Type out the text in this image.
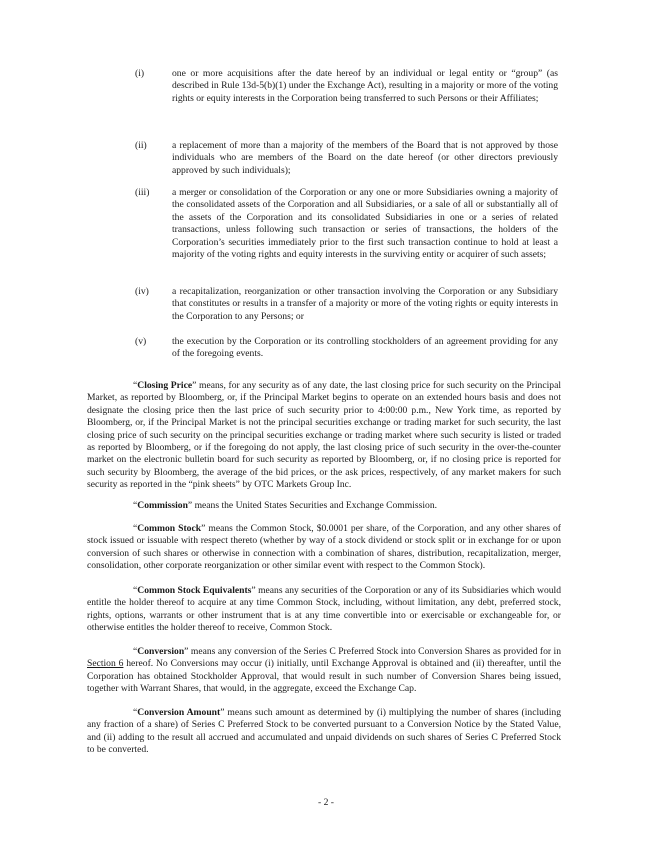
(i)	one or more acquisitions after the date hereof by an individual or legal entity or “group” (as described in Rule 13d-5(b)(1) under the Exchange Act), resulting in a majority or more of the voting rights or equity interests in the Corporation being transferred to such Persons or their Affiliates;
(ii)	a replacement of more than a majority of the members of the Board that is not approved by those individuals who are members of the Board on the date hereof (or other directors previously approved by such individuals);
(iii)	a merger or consolidation of the Corporation or any one or more Subsidiaries owning a majority of the consolidated assets of the Corporation and all Subsidiaries, or a sale of all or substantially all of the assets of the Corporation and its consolidated Subsidiaries in one or a series of related transactions, unless following such transaction or series of transactions, the holders of the Corporation’s securities immediately prior to the first such transaction continue to hold at least a majority of the voting rights and equity interests in the surviving entity or acquirer of such assets;
(iv)	a recapitalization, reorganization or other transaction involving the Corporation or any Subsidiary that constitutes or results in a transfer of a majority or more of the voting rights or equity interests in the Corporation to any Persons; or
(v)	the execution by the Corporation or its controlling stockholders of an agreement providing for any of the foregoing events.
“Closing Price” means, for any security as of any date, the last closing price for such security on the Principal Market, as reported by Bloomberg, or, if the Principal Market begins to operate on an extended hours basis and does not designate the closing price then the last price of such security prior to 4:00:00 p.m., New York time, as reported by Bloomberg, or, if the Principal Market is not the principal securities exchange or trading market for such security, the last closing price of such security on the principal securities exchange or trading market where such security is listed or traded as reported by Bloomberg, or if the foregoing do not apply, the last closing price of such security in the over-the-counter market on the electronic bulletin board for such security as reported by Bloomberg, or, if no closing price is reported for such security by Bloomberg, the average of the bid prices, or the ask prices, respectively, of any market makers for such security as reported in the “pink sheets” by OTC Markets Group Inc.
“Commission” means the United States Securities and Exchange Commission.
“Common Stock” means the Common Stock, $0.0001 per share, of the Corporation, and any other shares of stock issued or issuable with respect thereto (whether by way of a stock dividend or stock split or in exchange for or upon conversion of such shares or otherwise in connection with a combination of shares, distribution, recapitalization, merger, consolidation, other corporate reorganization or other similar event with respect to the Common Stock).
“Common Stock Equivalents” means any securities of the Corporation or any of its Subsidiaries which would entitle the holder thereof to acquire at any time Common Stock, including, without limitation, any debt, preferred stock, rights, options, warrants or other instrument that is at any time convertible into or exercisable or exchangeable for, or otherwise entitles the holder thereof to receive, Common Stock.
“Conversion” means any conversion of the Series C Preferred Stock into Conversion Shares as provided for in Section 6 hereof. No Conversions may occur (i) initially, until Exchange Approval is obtained and (ii) thereafter, until the Corporation has obtained Stockholder Approval, that would result in such number of Conversion Shares being issued, together with Warrant Shares, that would, in the aggregate, exceed the Exchange Cap.
“Conversion Amount” means such amount as determined by (i) multiplying the number of shares (including any fraction of a share) of Series C Preferred Stock to be converted pursuant to a Conversion Notice by the Stated Value, and (ii) adding to the result all accrued and accumulated and unpaid dividends on such shares of Series C Preferred Stock to be converted.
- 2 -
